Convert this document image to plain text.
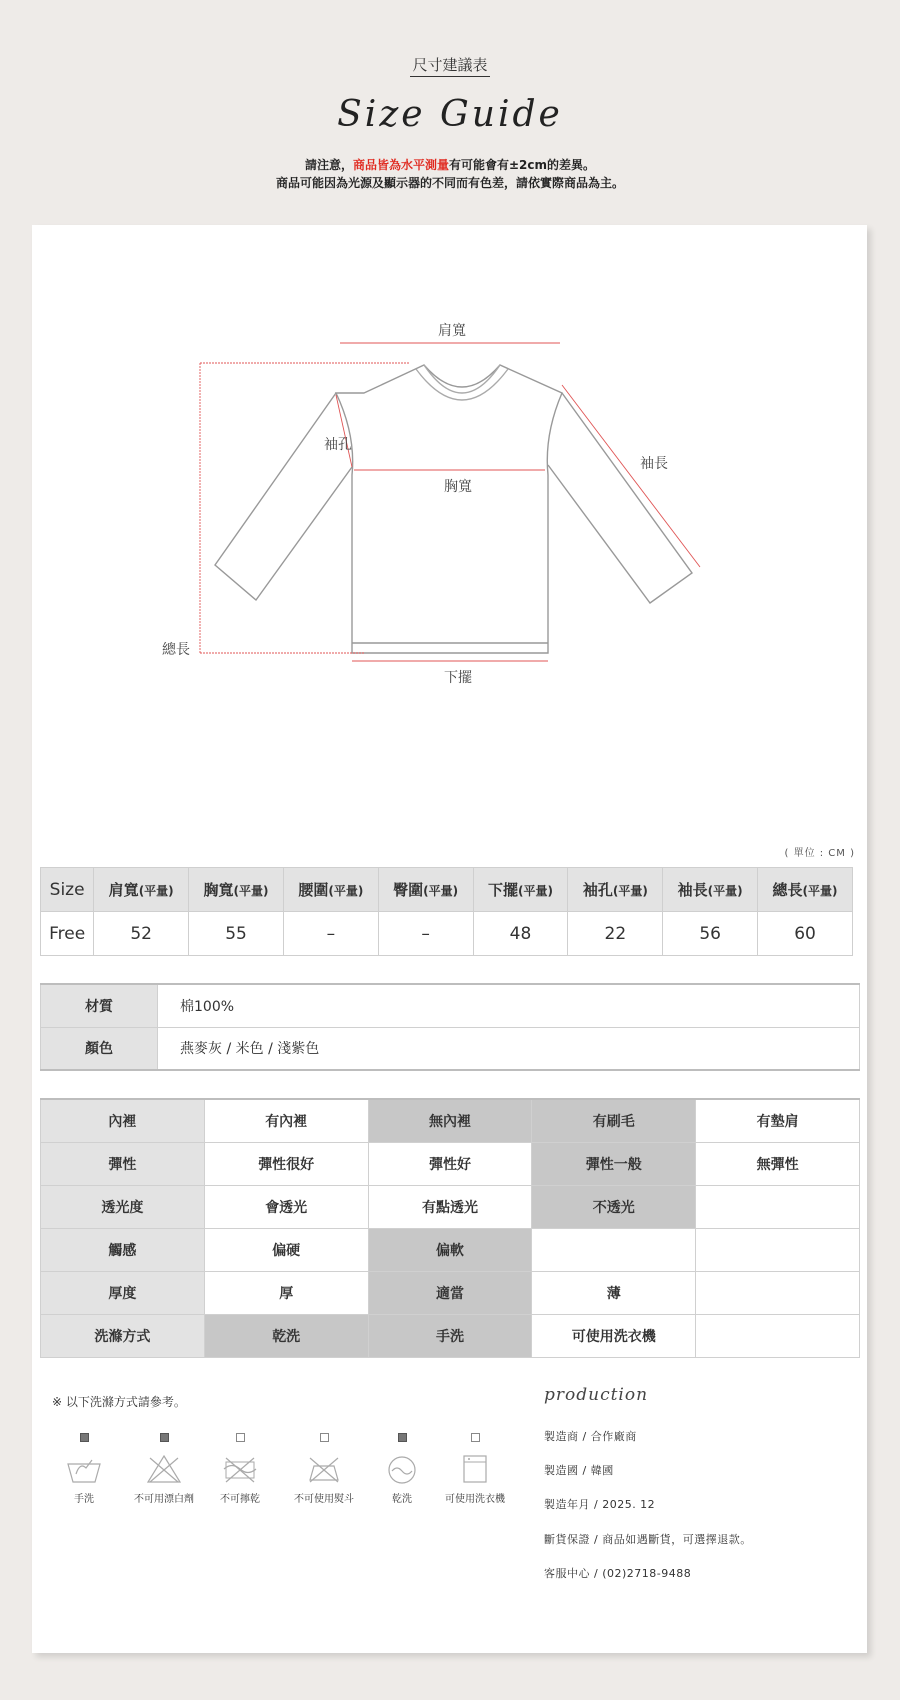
尺寸建議表
Size Guide
請注意，商品皆為水平測量有可能會有±2cm的差異。
商品可能因為光源及顯示器的不同而有色差，請依實際商品為主。
肩寬
袖孔
胸寬
袖長
總長
下擺
( 單位 : CM )
Size	肩寬(平量)	胸寬(平量)	腰圍(平量)	臀圍(平量)	下擺(平量)	袖孔(平量)	袖長(平量)	總長(平量)
Free	52	55	–	–	48	22	56	60
材質	棉100%
顏色	燕麥灰 / 米色 / 淺紫色
內裡	有內裡	無內裡	有刷毛	有墊肩
彈性	彈性很好	彈性好	彈性一般	無彈性
透光度	會透光	有點透光	不透光	
觸感	偏硬	偏軟		
厚度	厚	適當	薄	
洗滌方式	乾洗	手洗	可使用洗衣機	
※ 以下洗滌方式請參考。
手洗	不可用漂白劑	不可擰乾	不可使用熨斗	乾洗	可使用洗衣機
production
製造商 / 合作廠商
製造國 / 韓國
製造年月 / 2025. 12
斷貨保證 / 商品如遇斷貨，可選擇退款。
客服中心 / (02)2718-9488
